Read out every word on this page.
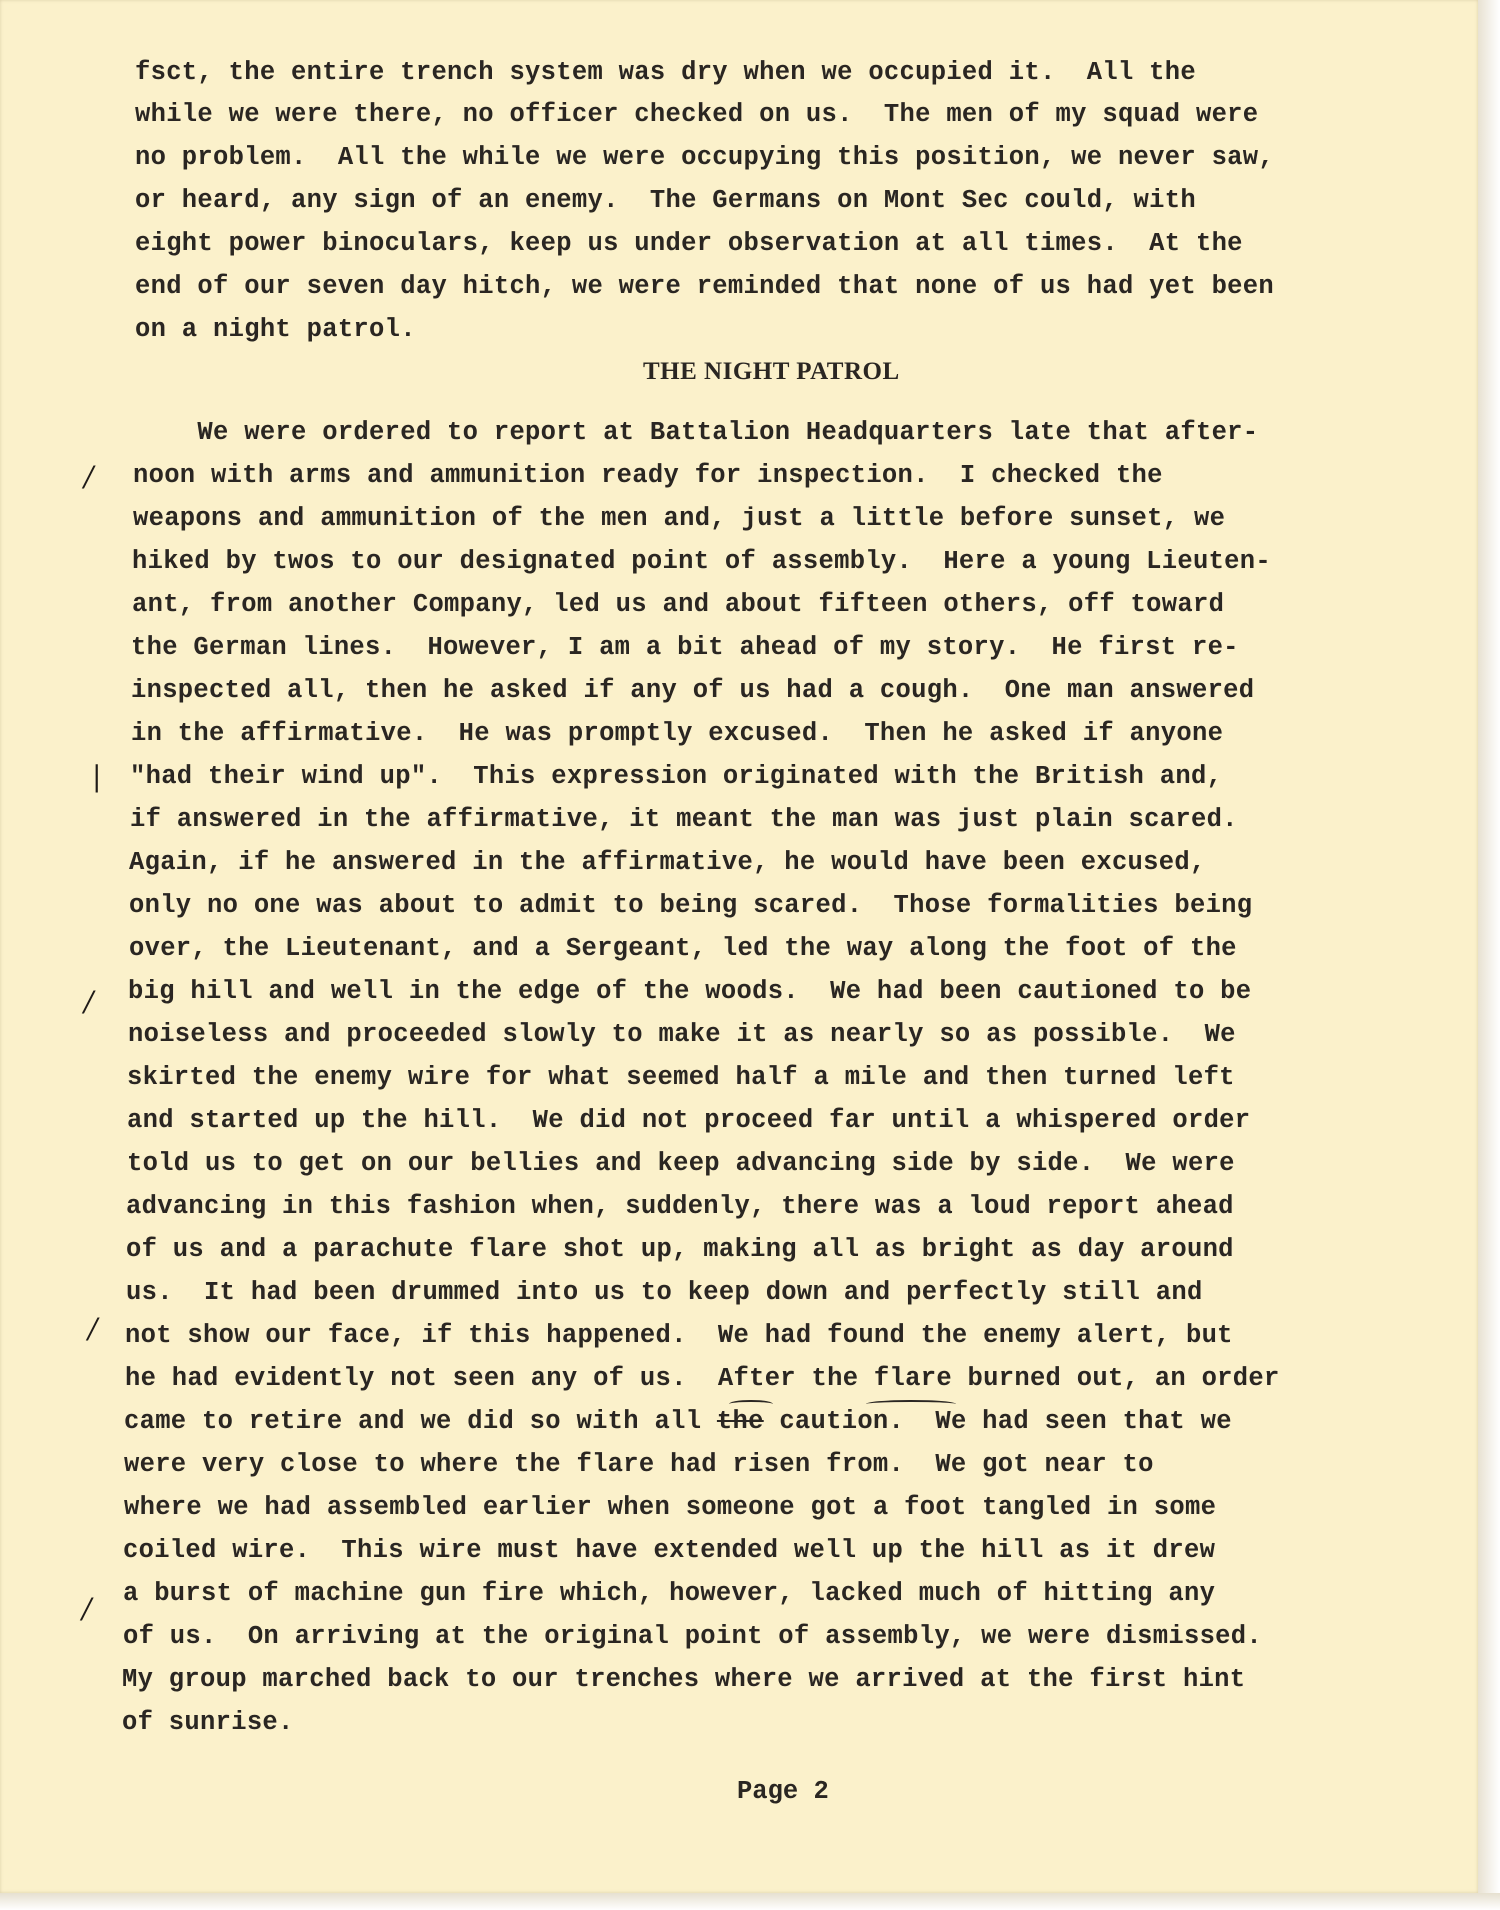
fsct, the entire trench system was dry when we occupied it.  All the
while we were there, no officer checked on us.  The men of my squad were
no problem.  All the while we were occupying this position, we never saw,
or heard, any sign of an enemy.  The Germans on Mont Sec could, with
eight power binoculars, keep us under observation at all times.  At the
end of our seven day hitch, we were reminded that none of us had yet been
on a night patrol.
THE NIGHT PATROL
We were ordered to report at Battalion Headquarters late that after-
noon with arms and ammunition ready for inspection.  I checked the
weapons and ammunition of the men and, just a little before sunset, we
hiked by twos to our designated point of assembly.  Here a young Lieuten-
ant, from another Company, led us and about fifteen others, off toward
the German lines.  However, I am a bit ahead of my story.  He first re-
inspected all, then he asked if any of us had a cough.  One man answered
in the affirmative.  He was promptly excused.  Then he asked if anyone
"had their wind up".  This expression originated with the British and,
if answered in the affirmative, it meant the man was just plain scared.
Again, if he answered in the affirmative, he would have been excused,
only no one was about to admit to being scared.  Those formalities being
over, the Lieutenant, and a Sergeant, led the way along the foot of the
big hill and well in the edge of the woods.  We had been cautioned to be
noiseless and proceeded slowly to make it as nearly so as possible.  We
skirted the enemy wire for what seemed half a mile and then turned left
and started up the hill.  We did not proceed far until a whispered order
told us to get on our bellies and keep advancing side by side.  We were
advancing in this fashion when, suddenly, there was a loud report ahead
of us and a parachute flare shot up, making all as bright as day around
us.  It had been drummed into us to keep down and perfectly still and
not show our face, if this happened.  We had found the enemy alert, but
he had evidently not seen any of us.  After the flare burned out, an order
came to retire and we did so with all the caution.  We had seen that we
were very close to where the flare had risen from.  We got near to
where we had assembled earlier when someone got a foot tangled in some
coiled wire.  This wire must have extended well up the hill as it drew
a burst of machine gun fire which, however, lacked much of hitting any
of us.  On arriving at the original point of assembly, we were dismissed.
My group marched back to our trenches where we arrived at the first hint
of sunrise.
/
|
/
/
/
Page 2
